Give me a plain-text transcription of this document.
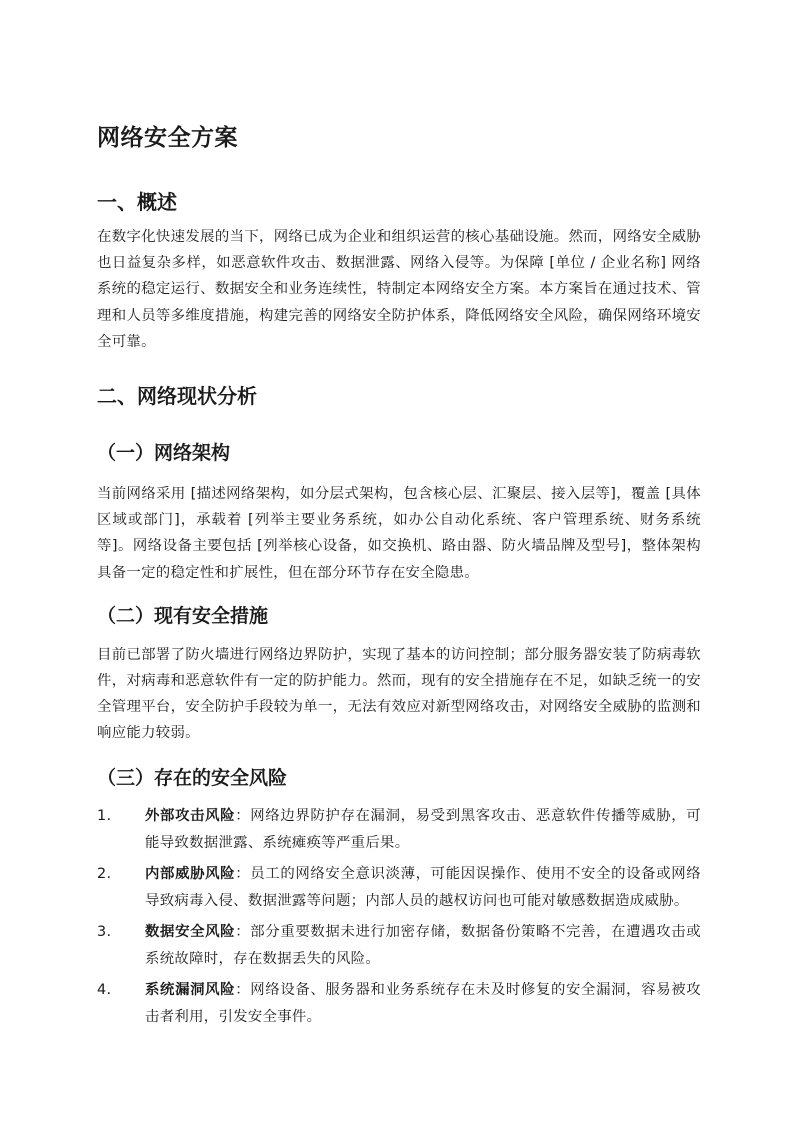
网络安全方案
一、概述

在数字化快速发展的当下，网络已成为企业和组织运营的核心基础设施。然而，网络安全威胁也日益复杂多样，如恶意软件攻击、数据泄露、网络入侵等。为保障 [单位 / 企业名称] 网络系统的稳定运行、数据安全和业务连续性，特制定本网络安全方案。本方案旨在通过技术、管理和人员等多维度措施，构建完善的网络安全防护体系，降低网络安全风险，确保网络环境安全可靠。

二、网络现状分析
（一）网络架构

当前网络采用 [描述网络架构，如分层式架构，包含核心层、汇聚层、接入层等]，覆盖 [具体区域或部门]，承载着 [列举主要业务系统，如办公自动化系统、客户管理系统、财务系统等]。网络设备主要包括 [列举核心设备，如交换机、路由器、防火墙品牌及型号]，整体架构具备一定的稳定性和扩展性，但在部分环节存在安全隐患。

（二）现有安全措施

目前已部署了防火墙进行网络边界防护，实现了基本的访问控制；部分服务器安装了防病毒软件，对病毒和恶意软件有一定的防护能力。然而，现有的安全措施存在不足，如缺乏统一的安全管理平台，安全防护手段较为单一，无法有效应对新型网络攻击，对网络安全威胁的监测和响应能力较弱。

（三）存在的安全风险
1. 外部攻击风险：网络边界防护存在漏洞，易受到黑客攻击、恶意软件传播等威胁，可能导致数据泄露、系统瘫痪等严重后果。
2. 内部威胁风险：员工的网络安全意识淡薄，可能因误操作、使用不安全的设备或网络导致病毒入侵、数据泄露等问题；内部人员的越权访问也可能对敏感数据造成威胁。
3. 数据安全风险：部分重要数据未进行加密存储，数据备份策略不完善，在遭遇攻击或系统故障时，存在数据丢失的风险。
4. 系统漏洞风险：网络设备、服务器和业务系统存在未及时修复的安全漏洞，容易被攻击者利用，引发安全事件。
